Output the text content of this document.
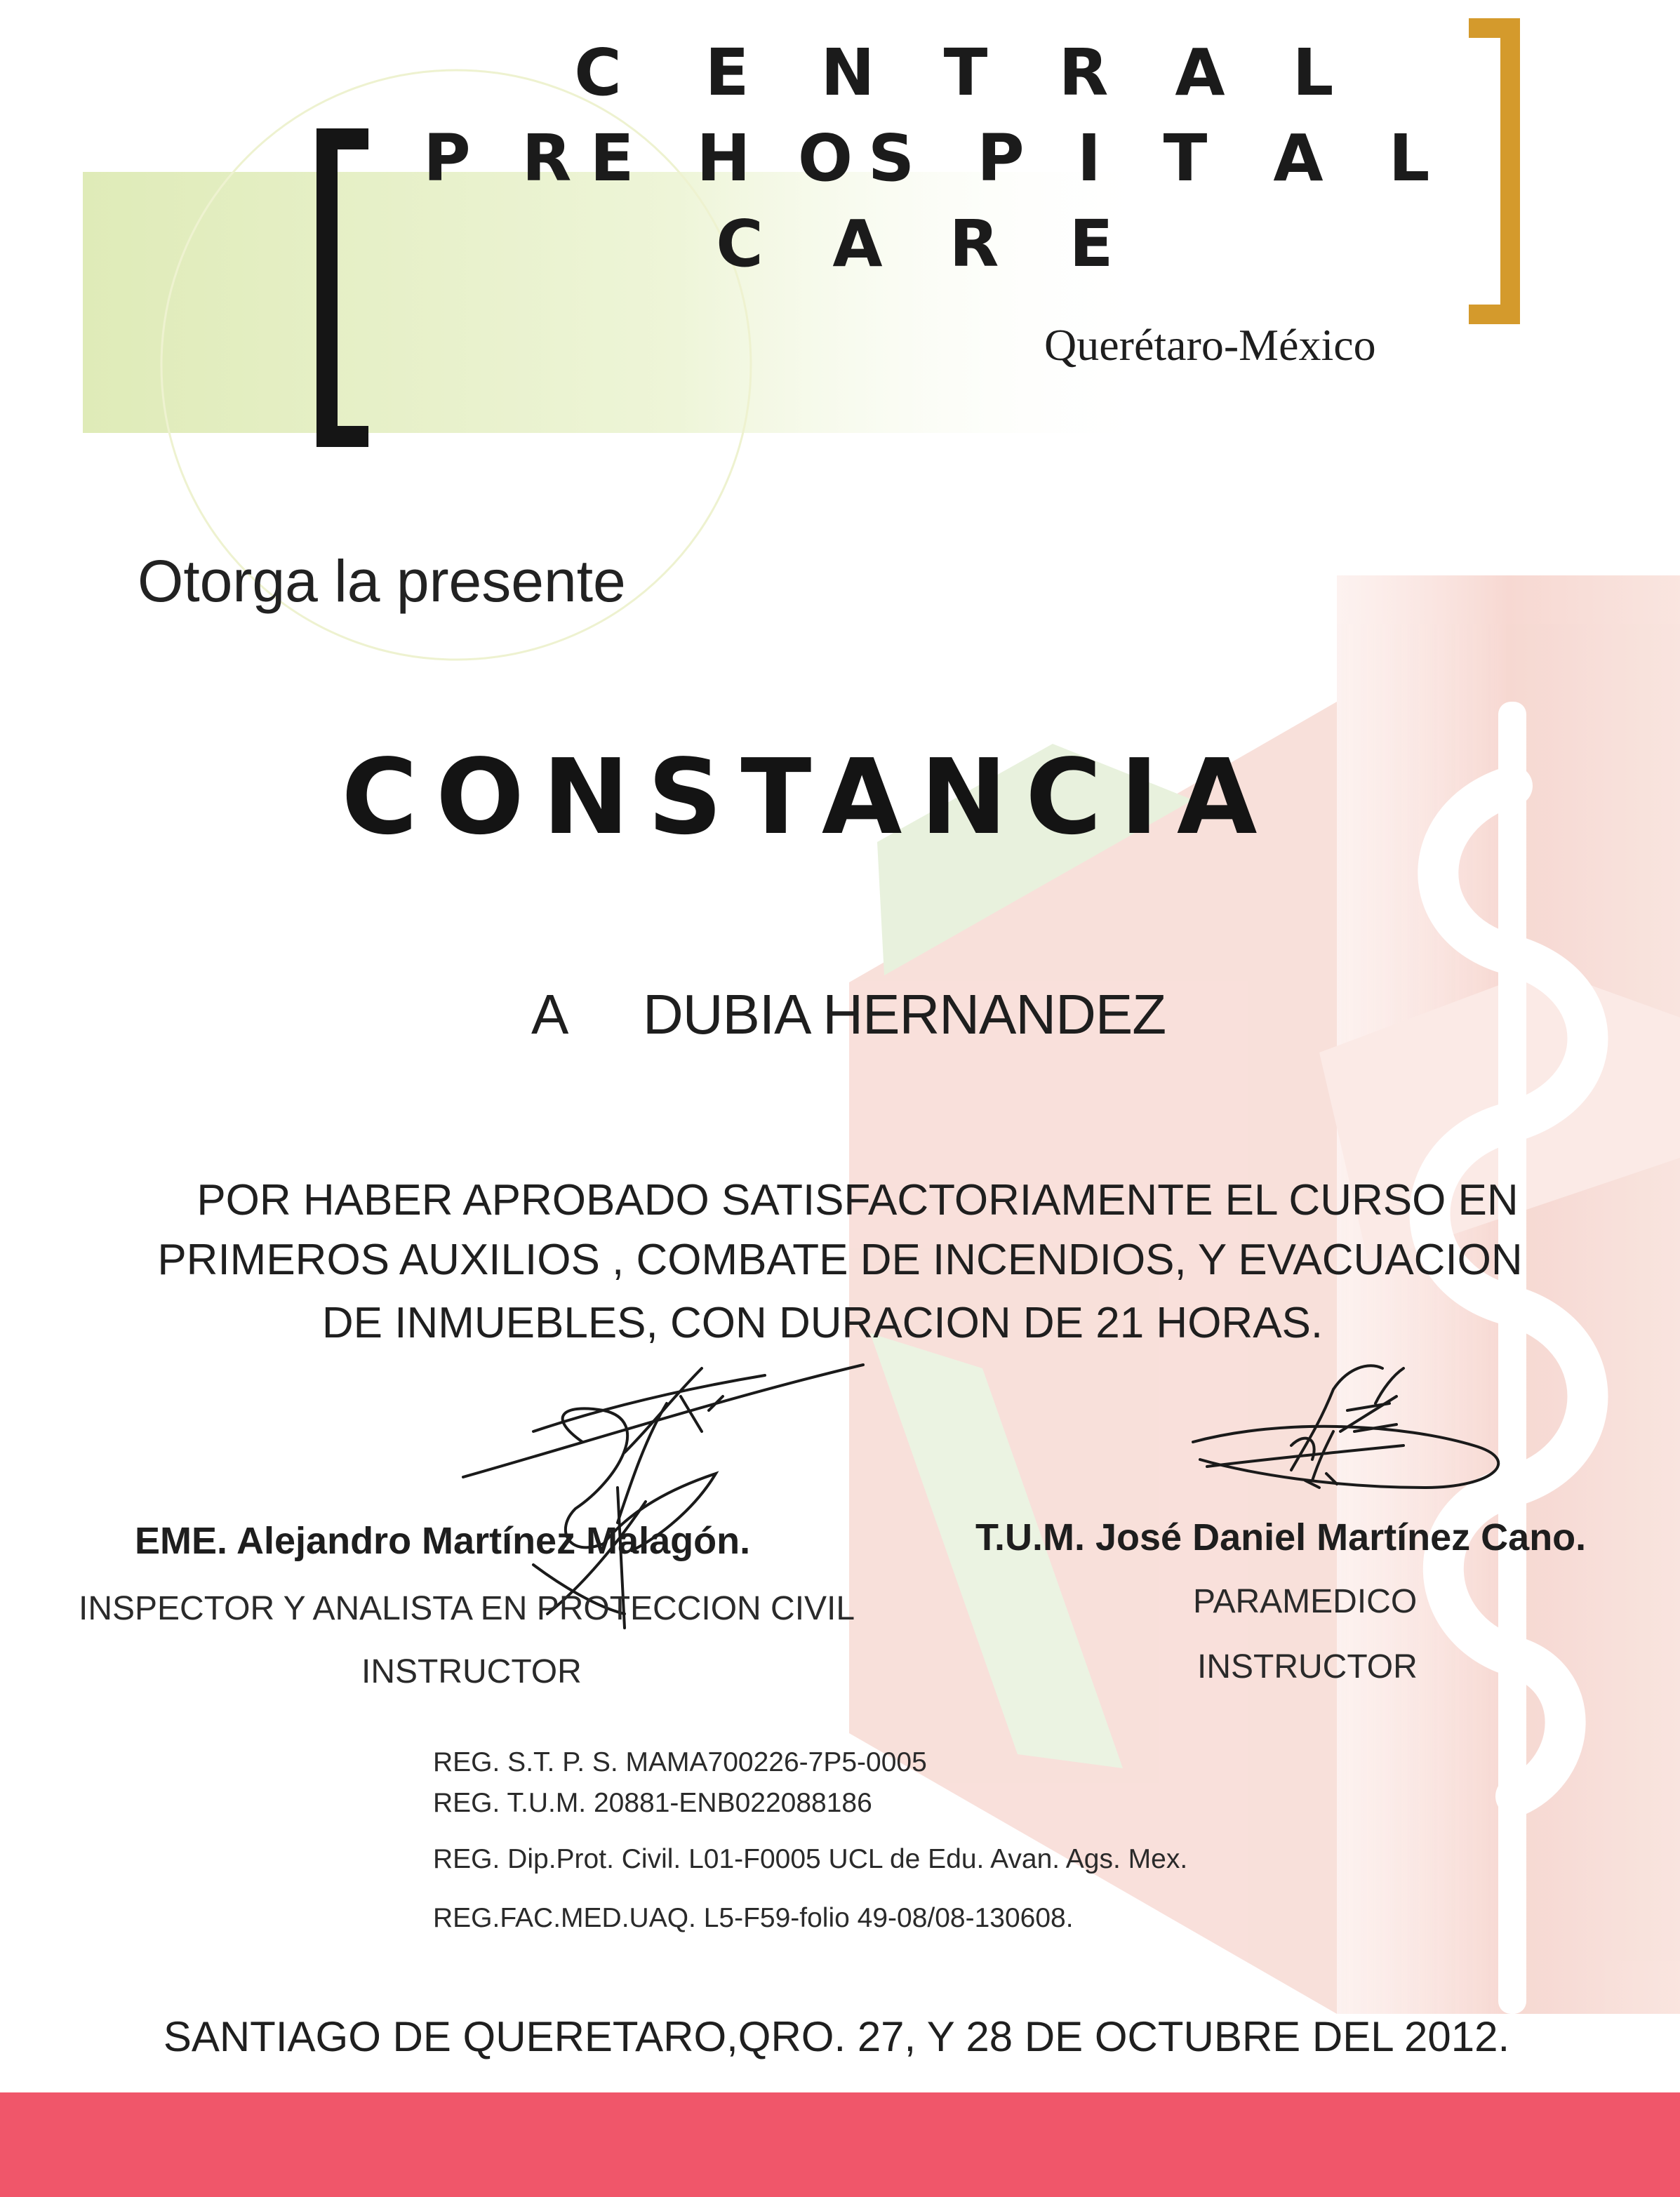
C E N T R A L
P R E H O S P I T A L
C A R E
Querétaro-México
Otorga la presente
CONSTANCIA
A DUBIA HERNANDEZ
POR HABER APROBADO SATISFACTORIAMENTE EL CURSO EN
PRIMEROS AUXILIOS , COMBATE DE INCENDIOS, Y EVACUACION
DE INMUEBLES, CON DURACION DE 21 HORAS.
EME. Alejandro Martínez Malagón.
INSPECTOR Y ANALISTA EN PROTECCION CIVIL
INSTRUCTOR
T.U.M. José Daniel Martínez Cano.
PARAMEDICO
INSTRUCTOR
REG. S.T. P. S. MAMA700226-7P5-0005
REG. T.U.M. 20881-ENB022088186
REG. Dip.Prot. Civil. L01-F0005 UCL de Edu. Avan. Ags. Mex.
REG.FAC.MED.UAQ. L5-F59-folio 49-08/08-130608.
SANTIAGO DE QUERETARO,QRO. 27, Y 28 DE OCTUBRE DEL 2012.
